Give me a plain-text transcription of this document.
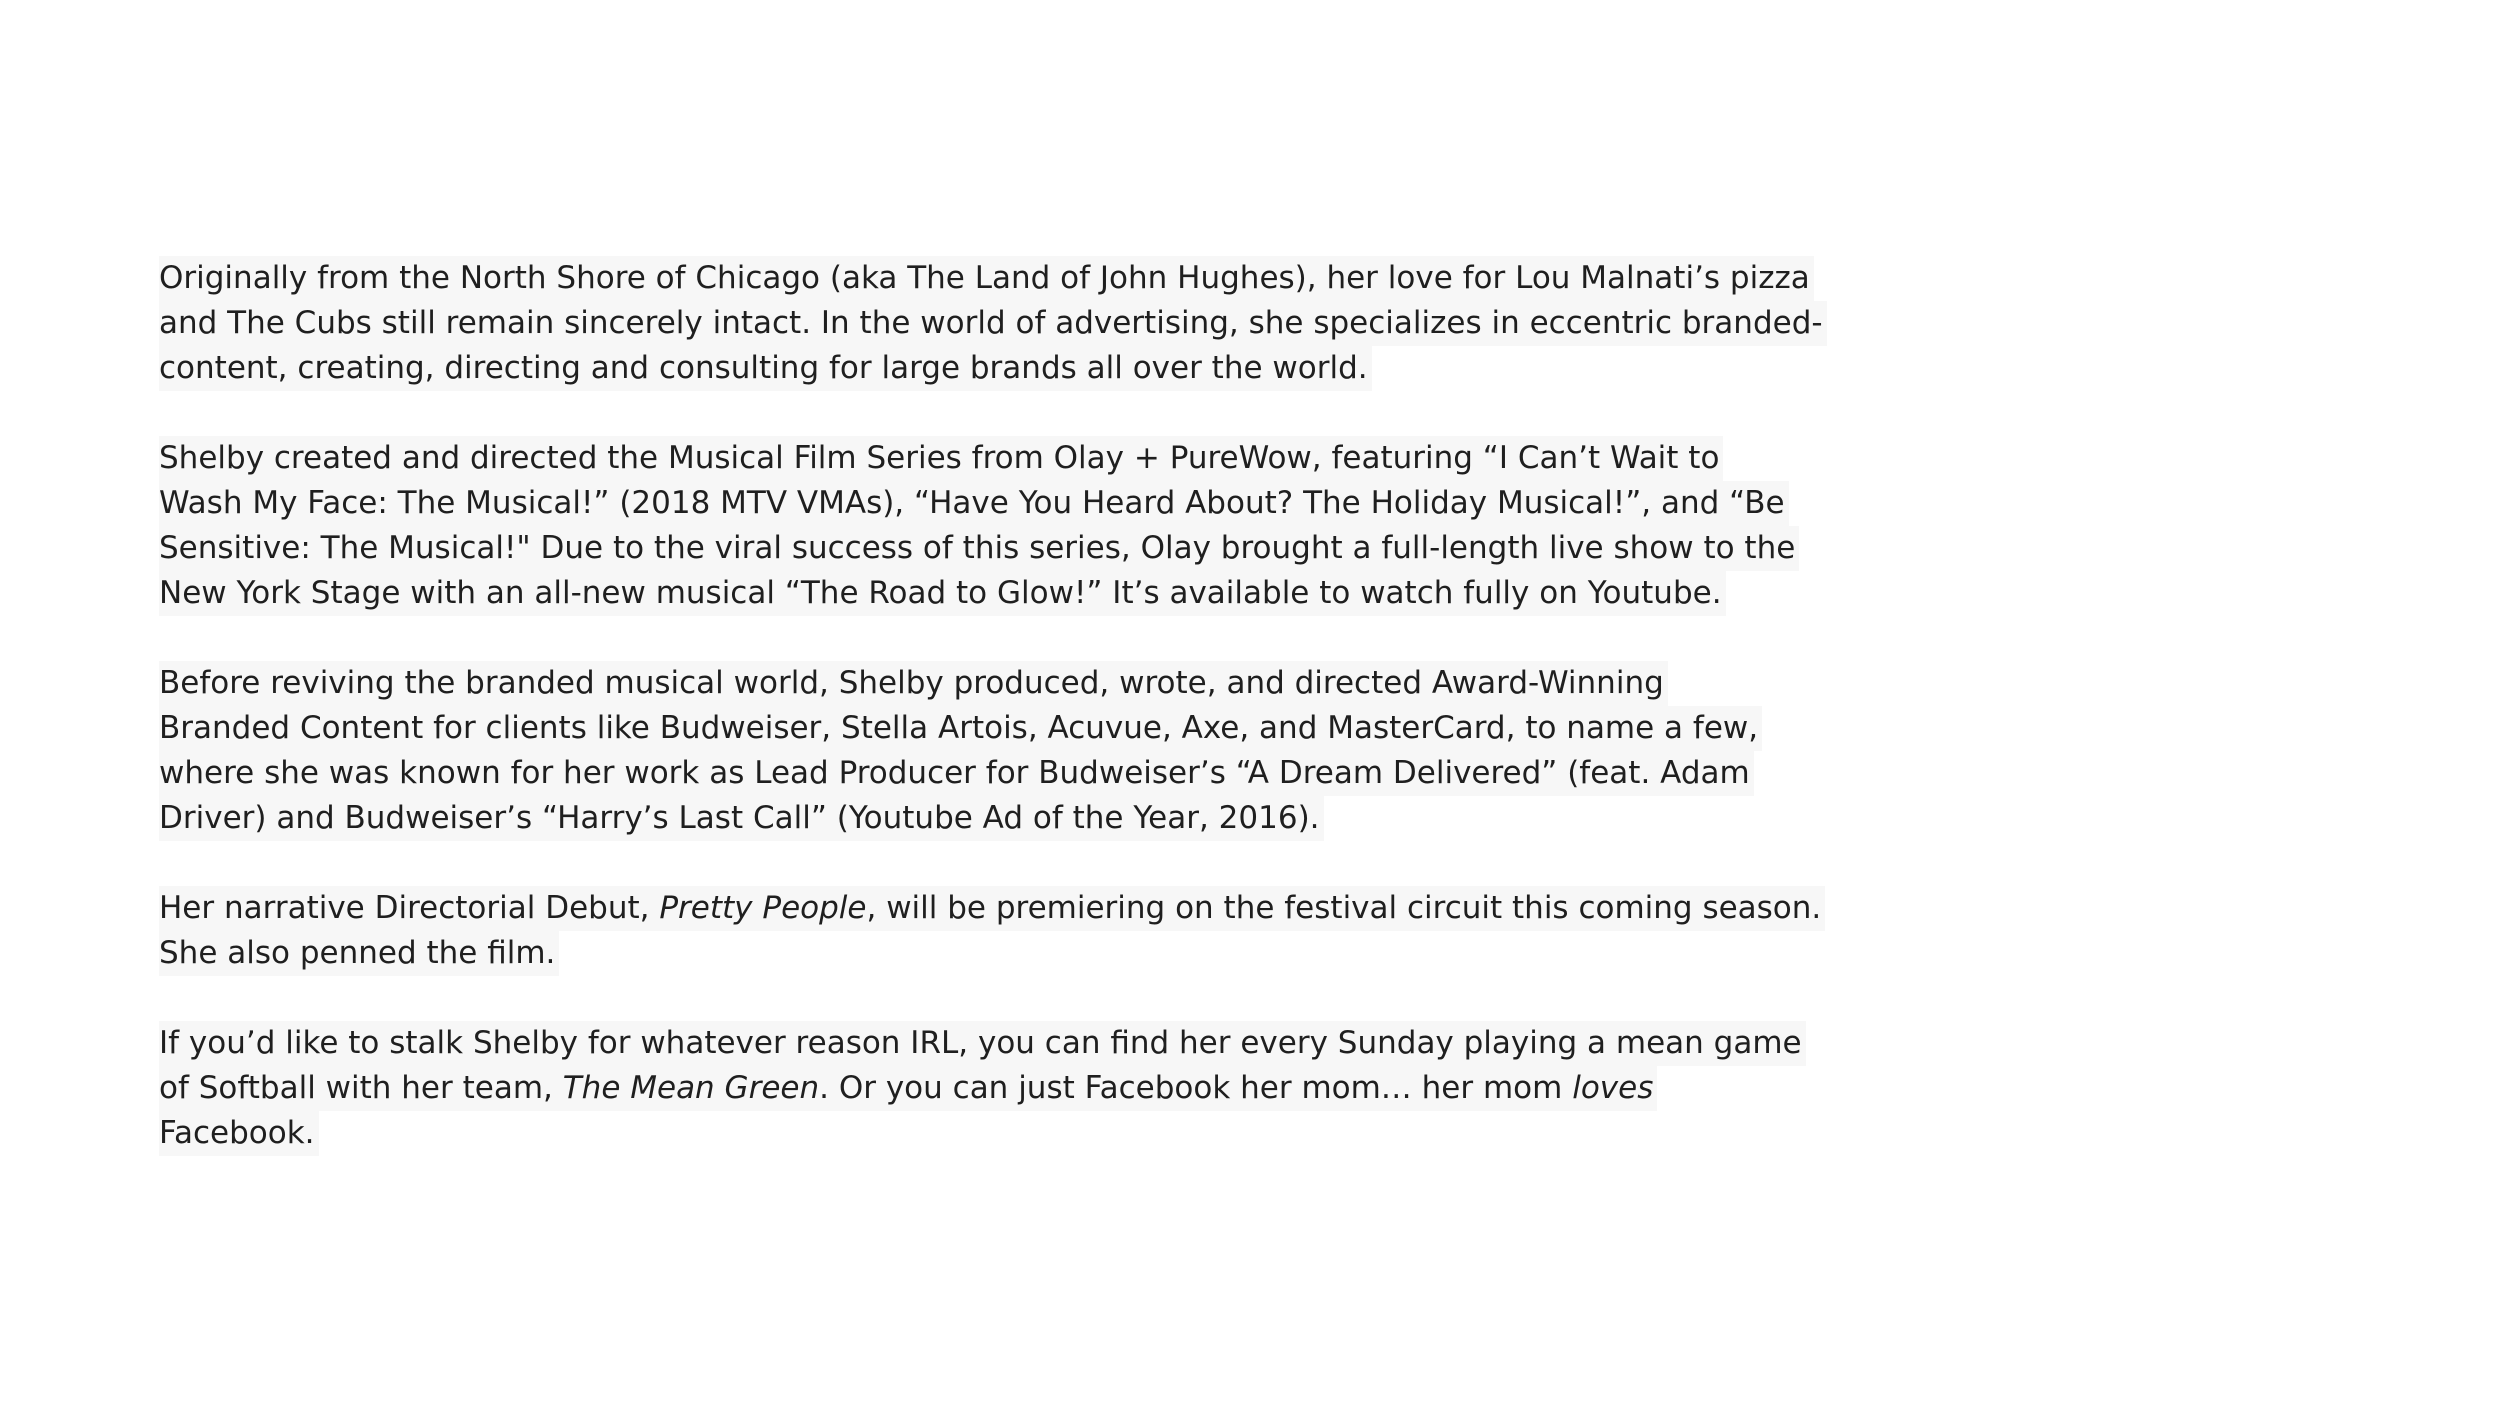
Originally from the North Shore of Chicago (aka The Land of John Hughes), her love for Lou Malnati’s pizza
and The Cubs still remain sincerely intact. In the world of advertising, she specializes in eccentric branded-
content, creating, directing and consulting for large brands all over the world.
Shelby created and directed the Musical Film Series from Olay + PureWow, featuring “I Can’t Wait to
Wash My Face: The Musical!” (2018 MTV VMAs), “Have You Heard About? The Holiday Musical!”, and “Be
Sensitive: The Musical!" Due to the viral success of this series, Olay brought a full-length live show to the
New York Stage with an all-new musical “The Road to Glow!” It’s available to watch fully on Youtube.
Before reviving the branded musical world, Shelby produced, wrote, and directed Award-Winning
Branded Content for clients like Budweiser, Stella Artois, Acuvue, Axe, and MasterCard, to name a few,
where she was known for her work as Lead Producer for Budweiser’s “A Dream Delivered” (feat. Adam
Driver) and Budweiser’s “Harry’s Last Call” (Youtube Ad of the Year, 2016).
Her narrative Directorial Debut, Pretty People, will be premiering on the festival circuit this coming season.
She also penned the film.
If you’d like to stalk Shelby for whatever reason IRL, you can find her every Sunday playing a mean game
of Softball with her team, The Mean Green. Or you can just Facebook her mom… her mom loves
Facebook.
